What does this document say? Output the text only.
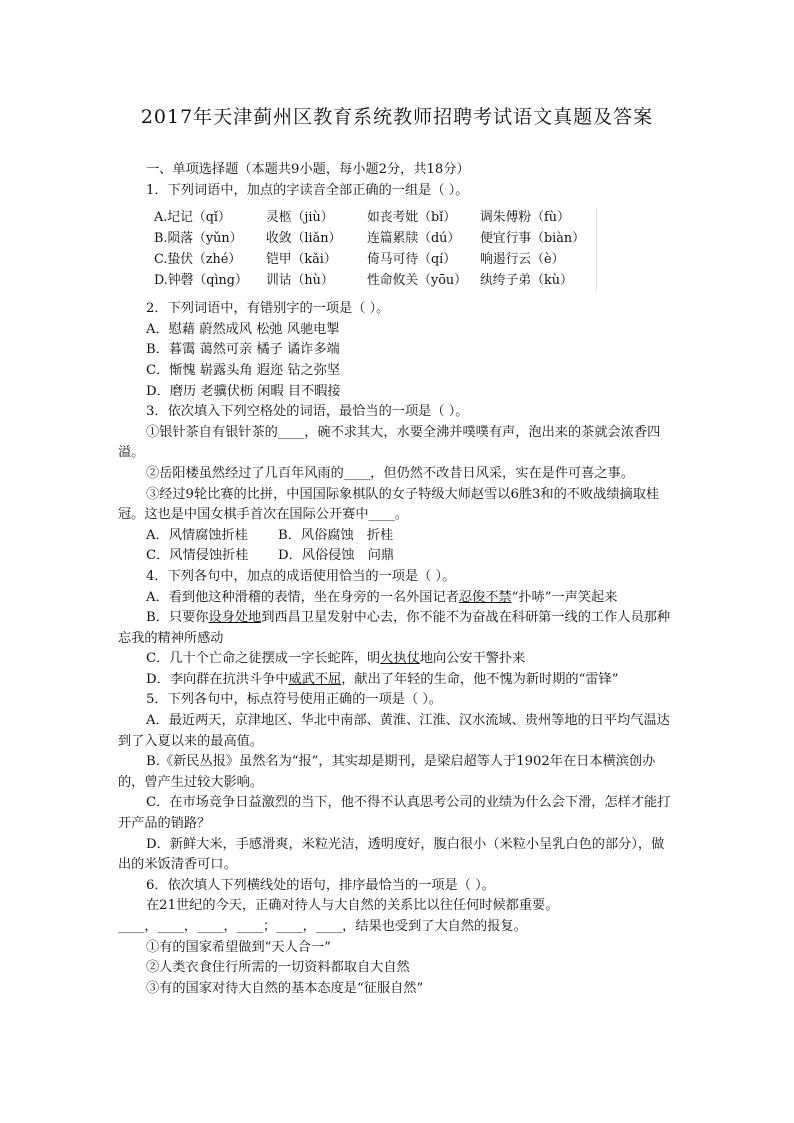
2017年天津蓟州区教育系统教师招聘考试语文真题及答案
一、单项选择题（本题共9小题，每小题2分，共18分）
1．下列词语中，加点的字读音全部正确的一组是（ ）。
A.圮记（qǐ）	灵柩（jiù）	如丧考妣（bǐ）	调朱傅粉（fù）
B.陨落（yǔn）	收敛（liǎn）	连篇累牍（dú）	便宜行事（biàn）
C.蛰伏（zhé）	铠甲（kǎi）	倚马可待（qí）	响遏行云（è）
D.钟磬（qìng）	训诂（hù）	性命攸关（yōu）	纨绔子弟（kù）
2．下列词语中，有错别字的一项是（ ）。
A．慰藉 蔚然成风 松弛 风驰电掣
B．暮霭 蔼然可亲 橘子 谲诈多端
C．惭愧 崭露头角 遐迩 钻之弥坚
D．磨历 老骥伏枥 闲暇 目不暇接
3．依次填入下列空格处的词语，最恰当的一项是（ ）。
①银针茶自有银针茶的____，碗不求其大，水要全沸并噗噗有声，泡出来的茶就会浓香四溢。
②岳阳楼虽然经过了几百年风雨的____，但仍然不改昔日风采，实在是件可喜之事。
③经过9轮比赛的比拼，中国国际象棋队的女子特级大师赵雪以6胜3和的不败战绩摘取桂冠。这也是中国女棋手首次在国际公开赛中____。
A．风情腐蚀折桂	B．风俗腐蚀　折桂
C．风情侵蚀折桂	D．风俗侵蚀　问鼎
4．下列各句中，加点的成语使用恰当的一项是（ ）。
A．看到他这种滑稽的表情，坐在身旁的一名外国记者忍俊不禁“扑哧”一声笑起来
B．只要你设身处地到西昌卫星发射中心去，你不能不为奋战在科研第一线的工作人员那种忘我的精神所感动
C．几十个亡命之徒摆成一字长蛇阵，明火执仗地向公安干警扑来
D．李向群在抗洪斗争中威武不屈，献出了年轻的生命，他不愧为新时期的“雷锋”
5．下列各句中，标点符号使用正确的一项是（ ）。
A．最近两天，京津地区、华北中南部、黄淮、江淮、汉水流域、贵州等地的日平均气温达到了入夏以来的最高值。
B.《新民丛报》虽然名为“报”，其实却是期刊，是梁启超等人于1902年在日本横滨创办的，曾产生过较大影响。
C．在市场竞争日益激烈的当下，他不得不认真思考公司的业绩为什么会下滑，怎样才能打开产品的销路？
D．新鲜大米，手感滑爽，米粒光洁，透明度好，腹白很小（米粒小呈乳白色的部分），做出的米饭清香可口。
6．依次填人下列横线处的语句，排序最恰当的一项是（ ）。
在21世纪的今天，正确对待人与大自然的关系比以往任何时候都重要。
____，____，____，____；____，____，结果也受到了大自然的报复。
①有的国家希望做到“天人合一”
②人类衣食住行所需的一切资料都取自大自然
③有的国家对待大自然的基本态度是“征服自然”
